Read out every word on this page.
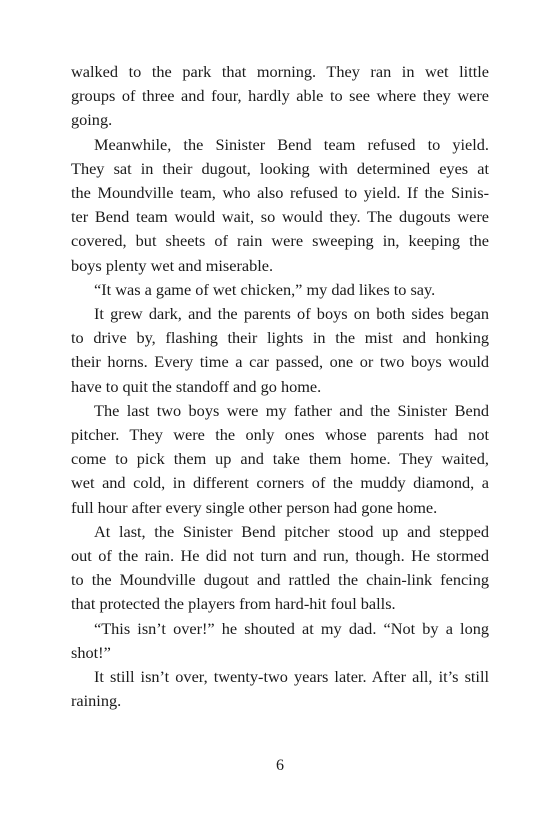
walked to the park that morning. They ran in wet little
groups of three and four, hardly able to see where they were
going.
Meanwhile, the Sinister Bend team refused to yield.
They sat in their dugout, looking with determined eyes at
the Moundville team, who also refused to yield. If the Sinis-
ter Bend team would wait, so would they. The dugouts were
covered, but sheets of rain were sweeping in, keeping the
boys plenty wet and miserable.
“It was a game of wet chicken,” my dad likes to say.
It grew dark, and the parents of boys on both sides began
to drive by, flashing their lights in the mist and honking
their horns. Every time a car passed, one or two boys would
have to quit the standoff and go home.
The last two boys were my father and the Sinister Bend
pitcher. They were the only ones whose parents had not
come to pick them up and take them home. They waited,
wet and cold, in different corners of the muddy diamond, a
full hour after every single other person had gone home.
At last, the Sinister Bend pitcher stood up and stepped
out of the rain. He did not turn and run, though. He stormed
to the Moundville dugout and rattled the chain-link fencing
that protected the players from hard-hit foul balls.
“This isn’t over!” he shouted at my dad. “Not by a long
shot!”
It still isn’t over, twenty-two years later. After all, it’s still
raining.
6
